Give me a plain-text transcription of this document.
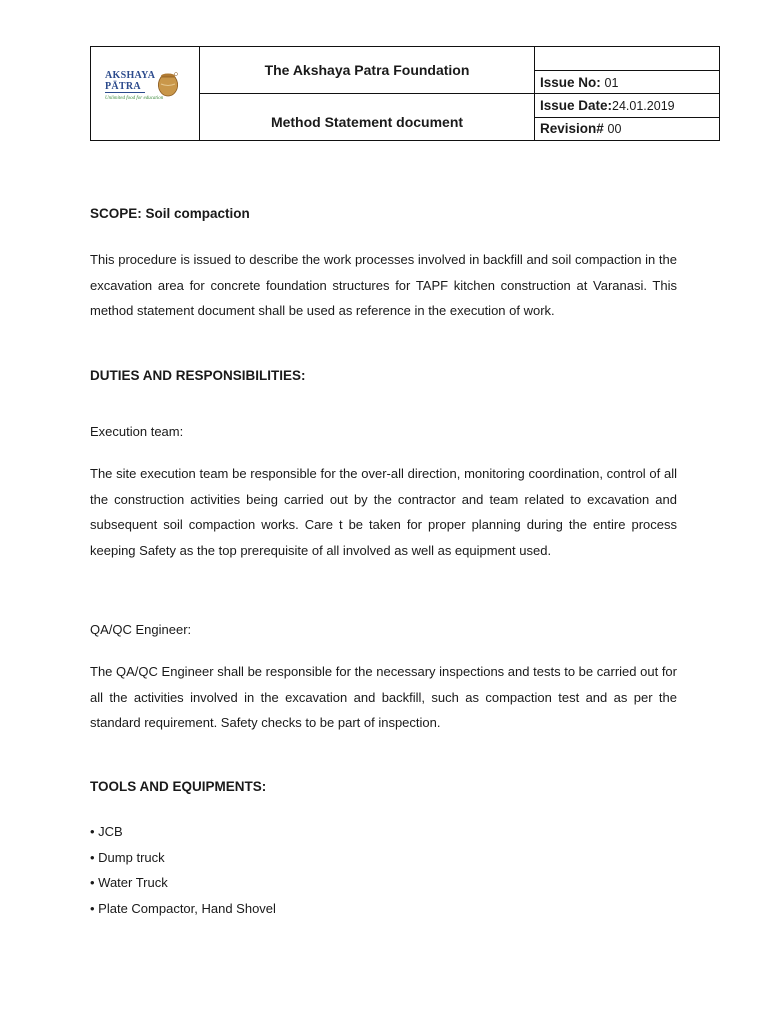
AKSHAYA
PĀTRA
Unlimited food for education	The Akshaya Patra Foundation	
		Issue No: 01
	Method Statement document	Issue Date:24.01.2019
		Revision# 00
SCOPE: Soil compaction

This procedure is issued to describe the work processes involved in backfill and soil compaction in the excavation area for concrete foundation structures for TAPF kitchen construction at Varanasi. This method statement document shall be used as reference in the execution of work.

DUTIES AND RESPONSIBILITIES:
Execution team:

The site execution team be responsible for the over-all direction, monitoring coordination, control of all the construction activities being carried out by the contractor and team related to excavation and subsequent soil compaction works. Care t be taken for proper planning during the entire process keeping Safety as the top prerequisite of all involved as well as equipment used.

QA/QC Engineer:

The QA/QC Engineer shall be responsible for the necessary inspections and tests to be carried out for all the activities involved in the excavation and backfill, such as compaction test and as per the standard requirement. Safety checks to be part of inspection.

TOOLS AND EQUIPMENTS:
• JCB
• Dump truck
• Water Truck
• Plate Compactor, Hand Shovel
